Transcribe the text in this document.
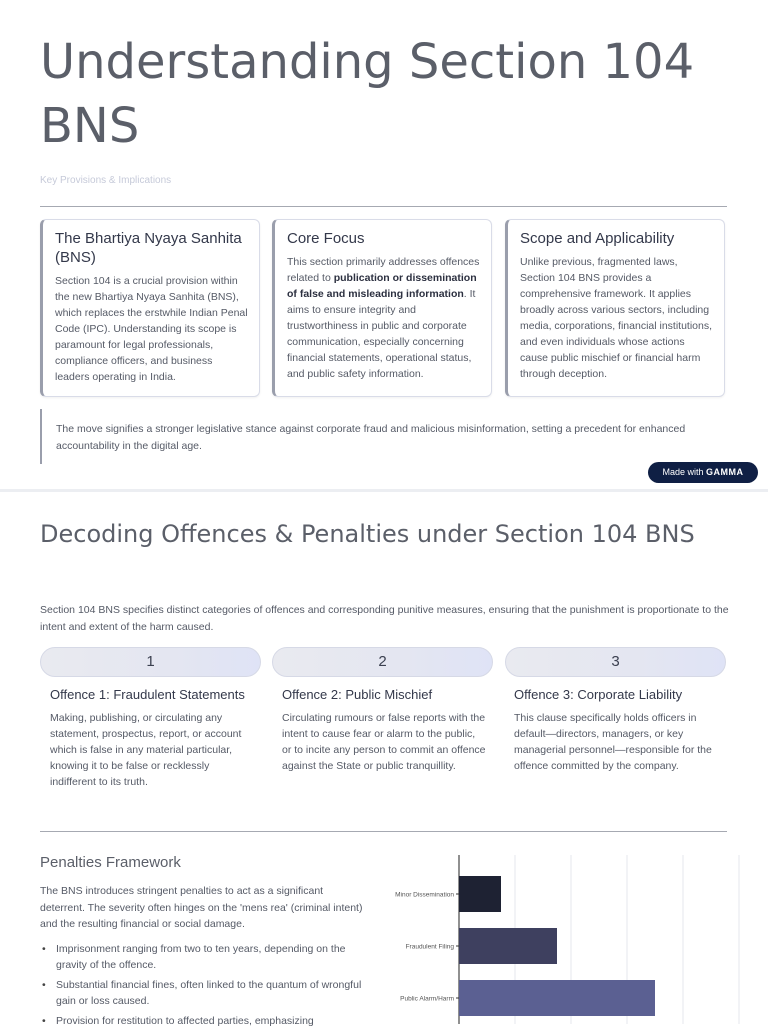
Understanding Section 104 BNS
Key Provisions & Implications
The Bhartiya Nyaya Sanhita (BNS)

Section 104 is a crucial provision within the new Bhartiya Nyaya Sanhita (BNS), which replaces the erstwhile Indian Penal Code (IPC). Understanding its scope is paramount for legal professionals, compliance officers, and business leaders operating in India.

Core Focus

This section primarily addresses offences related to publication or dissemination of false and misleading information. It aims to ensure integrity and trustworthiness in public and corporate communication, especially concerning financial statements, operational status, and public safety information.

Scope and Applicability

Unlike previous, fragmented laws, Section 104 BNS provides a comprehensive framework. It applies broadly across various sectors, including media, corporations, financial institutions, and even individuals whose actions cause public mischief or financial harm through deception.

The move signifies a stronger legislative stance against corporate fraud and malicious misinformation, setting a precedent for enhanced accountability in the digital age.
Made with GAMMA
Decoding Offences & Penalties under Section 104 BNS
Section 104 BNS specifies distinct categories of offences and corresponding punitive measures, ensuring that the punishment is proportionate to the intent and extent of the harm caused.
1	2	3
Offence 1: Fraudulent Statements

Making, publishing, or circulating any statement, prospectus, report, or account which is false in any material particular, knowing it to be false or recklessly indifferent to its truth.

Offence 2: Public Mischief

Circulating rumours or false reports with the intent to cause fear or alarm to the public, or to incite any person to commit an offence against the State or public tranquillity.

Offence 3: Corporate Liability

This clause specifically holds officers in default—directors, managers, or key managerial personnel—responsible for the offence committed by the company.

Penalties Framework
The BNS introduces stringent penalties to act as a significant deterrent. The severity often hinges on the 'mens rea' (criminal intent) and the resulting financial or social damage.
• Imprisonment ranging from two to ten years, depending on the gravity of the offence.
• Substantial financial fines, often linked to the quantum of wrongful gain or loss caused.
• Provision for restitution to affected parties, emphasizing
Minor Dissemination
Fraudulent Filing
Public Alarm/Harm
